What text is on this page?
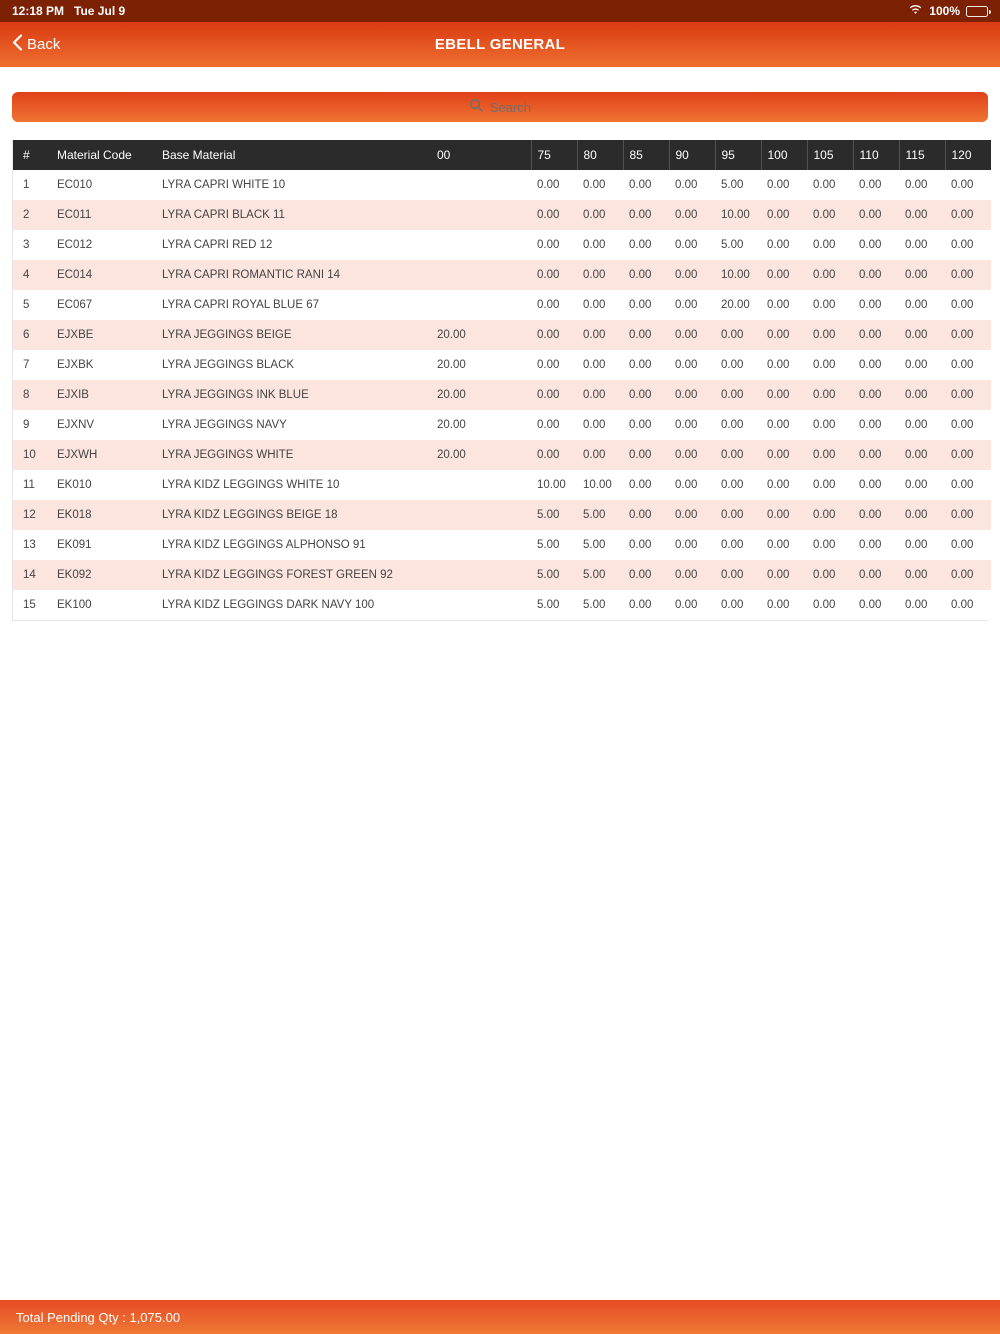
12:18 PM Tue Jul 9	100%
Back	EBELL GENERAL
Search
#	Material Code	Base Material	00	75	80	85	90	95	100	105	110	115	120
1	EC010	LYRA CAPRI WHITE 10		0.00	0.00	0.00	0.00	5.00	0.00	0.00	0.00	0.00	0.00
2	EC011	LYRA CAPRI BLACK 11		0.00	0.00	0.00	0.00	10.00	0.00	0.00	0.00	0.00	0.00
3	EC012	LYRA CAPRI RED 12		0.00	0.00	0.00	0.00	5.00	0.00	0.00	0.00	0.00	0.00
4	EC014	LYRA CAPRI ROMANTIC RANI 14		0.00	0.00	0.00	0.00	10.00	0.00	0.00	0.00	0.00	0.00
5	EC067	LYRA CAPRI ROYAL BLUE 67		0.00	0.00	0.00	0.00	20.00	0.00	0.00	0.00	0.00	0.00
6	EJXBE	LYRA JEGGINGS BEIGE	20.00	0.00	0.00	0.00	0.00	0.00	0.00	0.00	0.00	0.00	0.00
7	EJXBK	LYRA JEGGINGS BLACK	20.00	0.00	0.00	0.00	0.00	0.00	0.00	0.00	0.00	0.00	0.00
8	EJXIB	LYRA JEGGINGS INK BLUE	20.00	0.00	0.00	0.00	0.00	0.00	0.00	0.00	0.00	0.00	0.00
9	EJXNV	LYRA JEGGINGS NAVY	20.00	0.00	0.00	0.00	0.00	0.00	0.00	0.00	0.00	0.00	0.00
10	EJXWH	LYRA JEGGINGS WHITE	20.00	0.00	0.00	0.00	0.00	0.00	0.00	0.00	0.00	0.00	0.00
11	EK010	LYRA KIDZ LEGGINGS WHITE 10		10.00	10.00	0.00	0.00	0.00	0.00	0.00	0.00	0.00	0.00
12	EK018	LYRA KIDZ LEGGINGS BEIGE 18		5.00	5.00	0.00	0.00	0.00	0.00	0.00	0.00	0.00	0.00
13	EK091	LYRA KIDZ LEGGINGS ALPHONSO 91		5.00	5.00	0.00	0.00	0.00	0.00	0.00	0.00	0.00	0.00
14	EK092	LYRA KIDZ LEGGINGS FOREST GREEN 92		5.00	5.00	0.00	0.00	0.00	0.00	0.00	0.00	0.00	0.00
15	EK100	LYRA KIDZ LEGGINGS DARK NAVY 100		5.00	5.00	0.00	0.00	0.00	0.00	0.00	0.00	0.00	0.00
Total Pending Qty : 1,075.00
